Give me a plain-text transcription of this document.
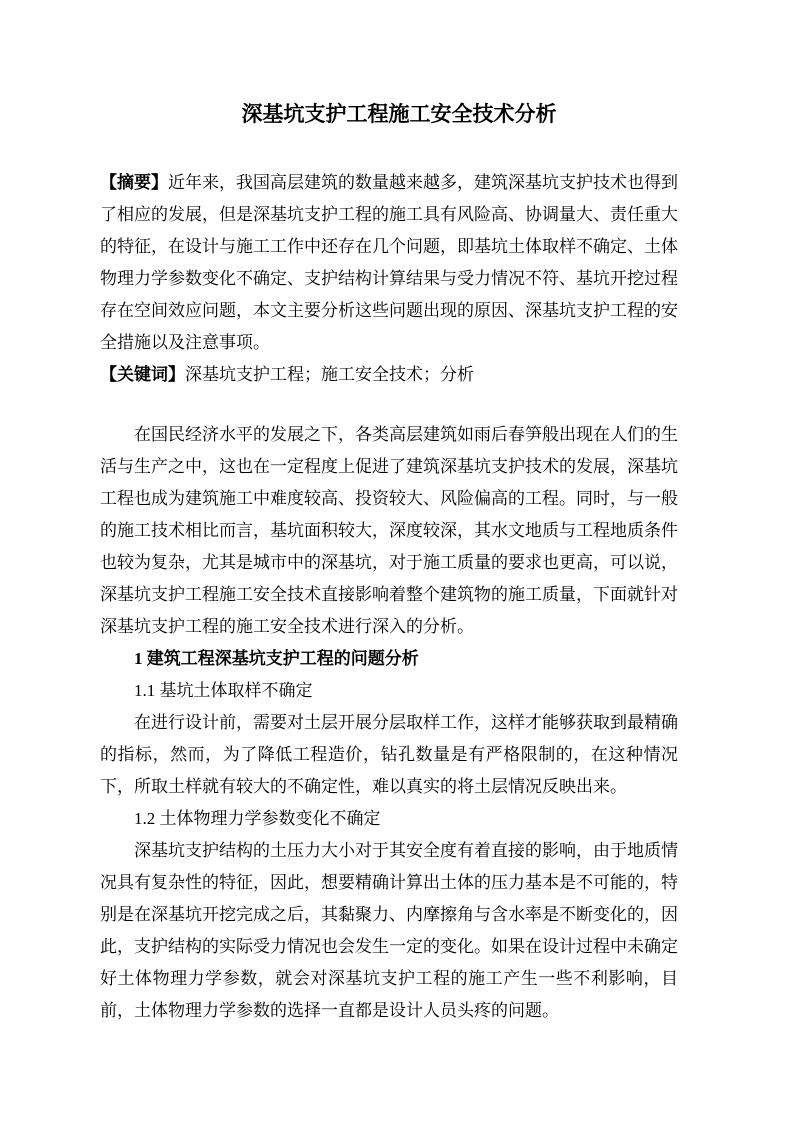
深基坑支护工程施工安全技术分析

【摘要】近年来，我国高层建筑的数量越来越多，建筑深基坑支护技术也得到了相应的发展，但是深基坑支护工程的施工具有风险高、协调量大、责任重大的特征，在设计与施工工作中还存在几个问题，即基坑土体取样不确定、土体物理力学参数变化不确定、支护结构计算结果与受力情况不符、基坑开挖过程存在空间效应问题，本文主要分析这些问题出现的原因、深基坑支护工程的安全措施以及注意事项。

【关键词】深基坑支护工程；施工安全技术；分析

在国民经济水平的发展之下，各类高层建筑如雨后春笋般出现在人们的生活与生产之中，这也在一定程度上促进了建筑深基坑支护技术的发展，深基坑工程也成为建筑施工中难度较高、投资较大、风险偏高的工程。同时，与一般的施工技术相比而言，基坑面积较大，深度较深，其水文地质与工程地质条件也较为复杂，尤其是城市中的深基坑，对于施工质量的要求也更高，可以说，深基坑支护工程施工安全技术直接影响着整个建筑物的施工质量，下面就针对深基坑支护工程的施工安全技术进行深入的分析。

1 建筑工程深基坑支护工程的问题分析
1.1 基坑土体取样不确定

在进行设计前，需要对土层开展分层取样工作，这样才能够获取到最精确的指标，然而，为了降低工程造价，钻孔数量是有严格限制的，在这种情况下，所取土样就有较大的不确定性，难以真实的将土层情况反映出来。

1.2 土体物理力学参数变化不确定

深基坑支护结构的土压力大小对于其安全度有着直接的影响，由于地质情况具有复杂性的特征，因此，想要精确计算出土体的压力基本是不可能的，特别是在深基坑开挖完成之后，其黏聚力、内摩擦角与含水率是不断变化的，因此，支护结构的实际受力情况也会发生一定的变化。如果在设计过程中未确定好土体物理力学参数，就会对深基坑支护工程的施工产生一些不利影响，目前，土体物理力学参数的选择一直都是设计人员头疼的问题。
